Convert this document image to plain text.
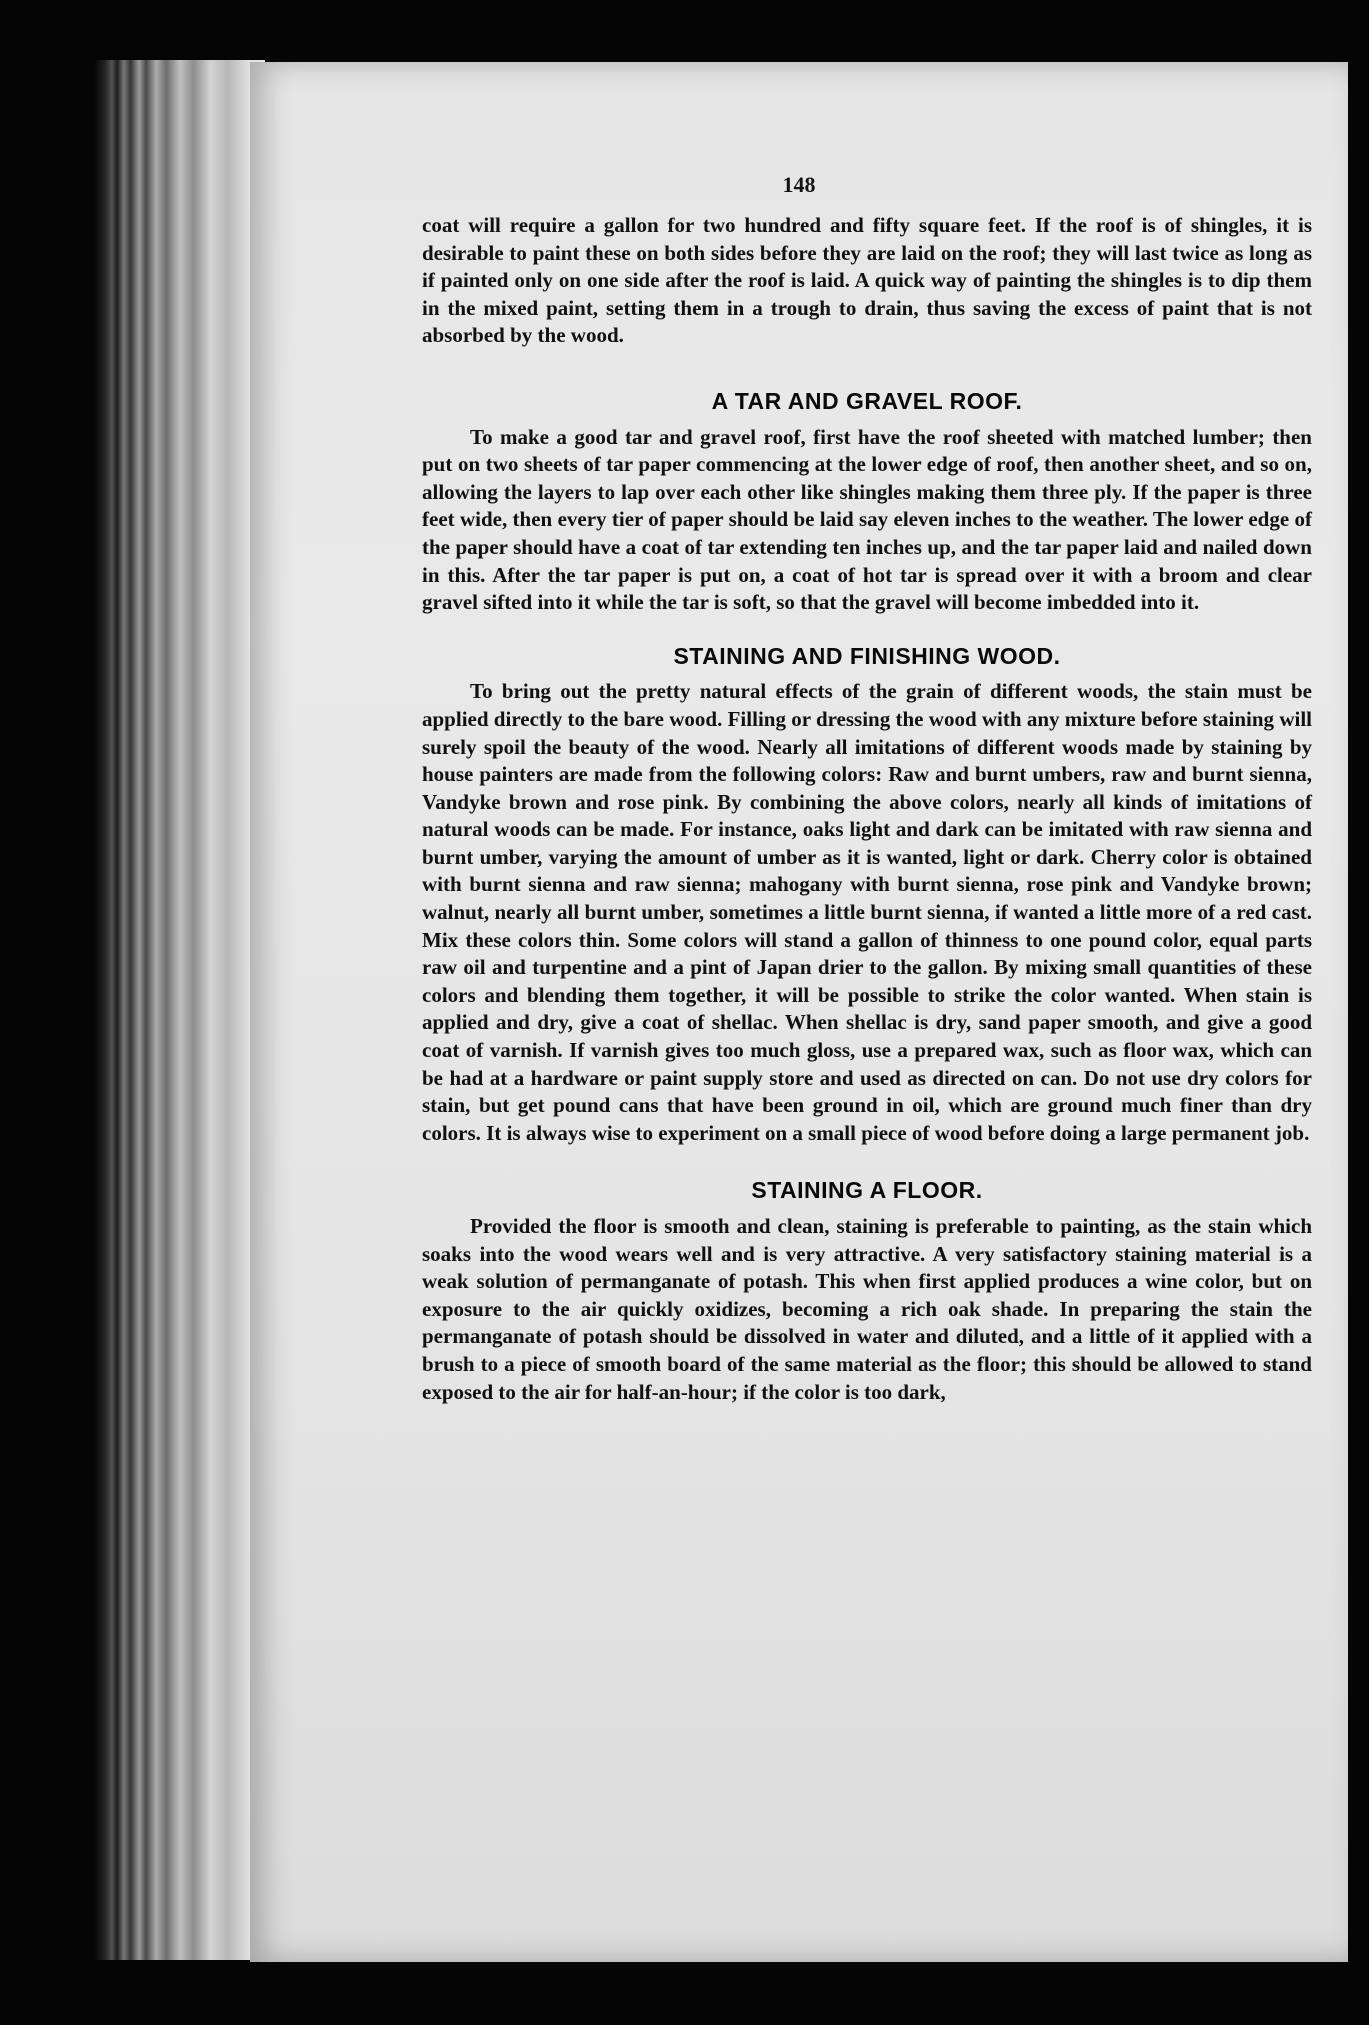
148

coat will require a gallon for two hundred and fifty square feet. If the roof is of shingles, it is desirable to paint these on both sides before they are laid on the roof; they will last twice as long as if painted only on one side after the roof is laid. A quick way of painting the shingles is to dip them in the mixed paint, setting them in a trough to drain, thus saving the excess of paint that is not absorbed by the wood.

A TAR AND GRAVEL ROOF.

To make a good tar and gravel roof, first have the roof sheeted with matched lumber; then put on two sheets of tar paper commencing at the lower edge of roof, then another sheet, and so on, allowing the layers to lap over each other like shingles making them three ply. If the paper is three feet wide, then every tier of paper should be laid say eleven inches to the weather. The lower edge of the paper should have a coat of tar extending ten inches up, and the tar paper laid and nailed down in this. After the tar paper is put on, a coat of hot tar is spread over it with a broom and clear gravel sifted into it while the tar is soft, so that the gravel will become imbedded into it.

STAINING AND FINISHING WOOD.

To bring out the pretty natural effects of the grain of different woods, the stain must be applied directly to the bare wood. Filling or dressing the wood with any mixture before staining will surely spoil the beauty of the wood. Nearly all imitations of different woods made by staining by house painters are made from the following colors: Raw and burnt umbers, raw and burnt sienna, Vandyke brown and rose pink. By combining the above colors, nearly all kinds of imitations of natural woods can be made. For instance, oaks light and dark can be imitated with raw sienna and burnt umber, varying the amount of umber as it is wanted, light or dark. Cherry color is obtained with burnt sienna and raw sienna; mahogany with burnt sienna, rose pink and Vandyke brown; walnut, nearly all burnt umber, sometimes a little burnt sienna, if wanted a little more of a red cast. Mix these colors thin. Some colors will stand a gallon of thinness to one pound color, equal parts raw oil and turpentine and a pint of Japan drier to the gallon. By mixing small quantities of these colors and blending them together, it will be possible to strike the color wanted. When stain is applied and dry, give a coat of shellac. When shellac is dry, sand paper smooth, and give a good coat of varnish. If varnish gives too much gloss, use a prepared wax, such as floor wax, which can be had at a hardware or paint supply store and used as directed on can. Do not use dry colors for stain, but get pound cans that have been ground in oil, which are ground much finer than dry colors. It is always wise to experiment on a small piece of wood before doing a large permanent job.

STAINING A FLOOR.

Provided the floor is smooth and clean, staining is preferable to painting, as the stain which soaks into the wood wears well and is very attractive. A very satisfactory staining material is a weak solution of permanganate of potash. This when first applied produces a wine color, but on exposure to the air quickly oxidizes, becoming a rich oak shade. In preparing the stain the permanganate of potash should be dissolved in water and diluted, and a little of it applied with a brush to a piece of smooth board of the same material as the floor; this should be allowed to stand exposed to the air for half-an-hour; if the color is too dark,
